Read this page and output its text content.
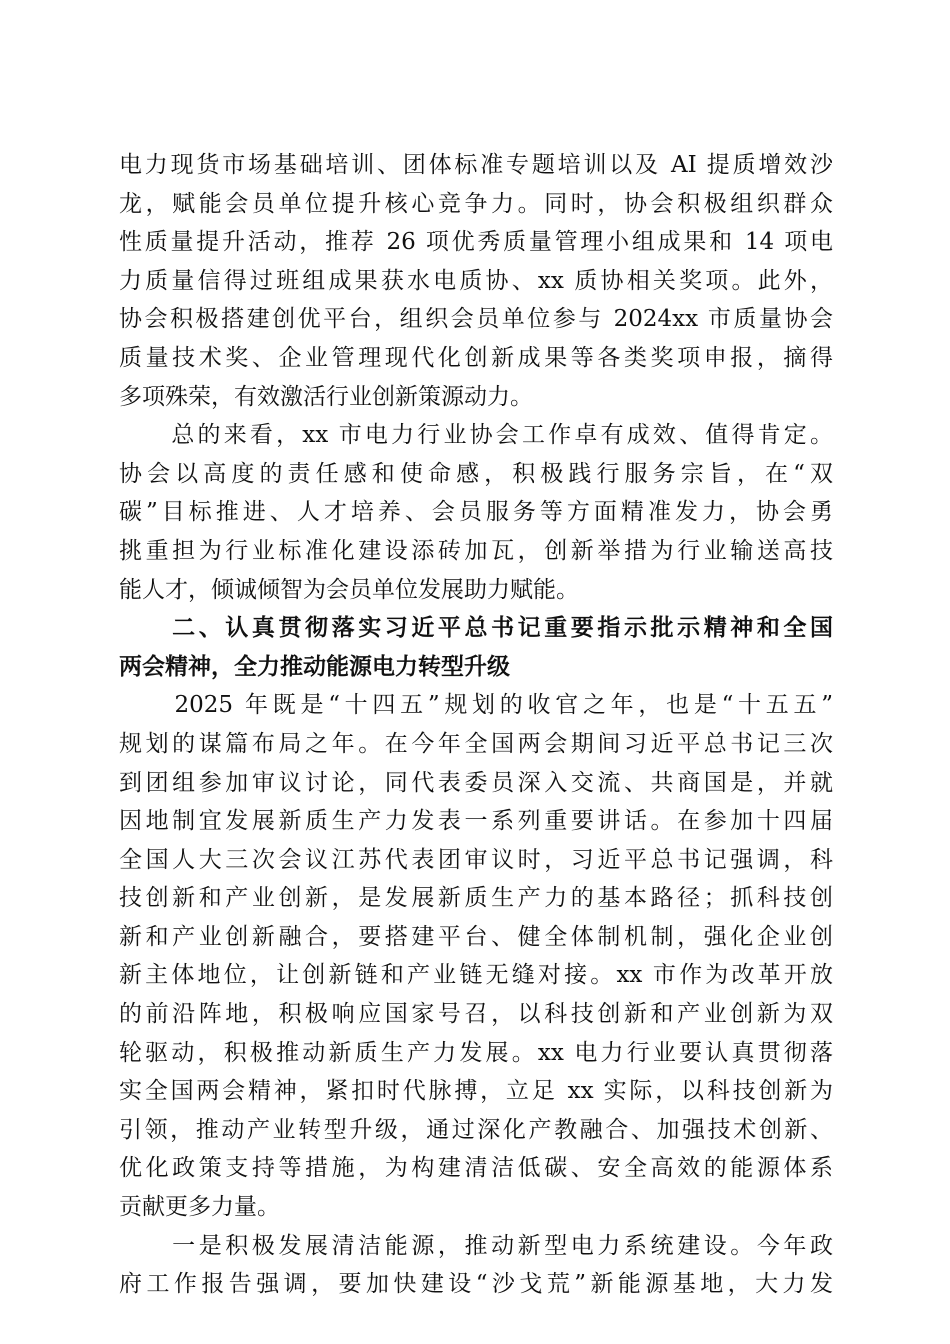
电力现货市场基础培训、团体标准专题培训以及 AI 提质增效沙
龙，赋能会员单位提升核心竞争力。同时，协会积极组织群众
性质量提升活动，推荐 26 项优秀质量管理小组成果和 14 项电
力质量信得过班组成果获水电质协、xx 质协相关奖项。此外，
协会积极搭建创优平台，组织会员单位参与 2024xx 市质量协会
质量技术奖、企业管理现代化创新成果等各类奖项申报，摘得
多项殊荣，有效激活行业创新策源动力。
　　总的来看，xx 市电力行业协会工作卓有成效、值得肯定。
协会以高度的责任感和使命感，积极践行服务宗旨，在“双
碳”目标推进、人才培养、会员服务等方面精准发力，协会勇
挑重担为行业标准化建设添砖加瓦，创新举措为行业输送高技
能人才，倾诚倾智为会员单位发展助力赋能。
　　二、认真贯彻落实习近平总书记重要指示批示精神和全国
两会精神，全力推动能源电力转型升级
　　2025 年既是“十四五”规划的收官之年，也是“十五五”
规划的谋篇布局之年。在今年全国两会期间习近平总书记三次
到团组参加审议讨论，同代表委员深入交流、共商国是，并就
因地制宜发展新质生产力发表一系列重要讲话。在参加十四届
全国人大三次会议江苏代表团审议时，习近平总书记强调，科
技创新和产业创新，是发展新质生产力的基本路径；抓科技创
新和产业创新融合，要搭建平台、健全体制机制，强化企业创
新主体地位，让创新链和产业链无缝对接。xx 市作为改革开放
的前沿阵地，积极响应国家号召，以科技创新和产业创新为双
轮驱动，积极推动新质生产力发展。xx 电力行业要认真贯彻落
实全国两会精神，紧扣时代脉搏，立足 xx 实际，以科技创新为
引领，推动产业转型升级，通过深化产教融合、加强技术创新、
优化政策支持等措施，为构建清洁低碳、安全高效的能源体系
贡献更多力量。
　　一是积极发展清洁能源，推动新型电力系统建设。今年政
府工作报告强调，要加快建设“沙戈荒”新能源基地，大力发
